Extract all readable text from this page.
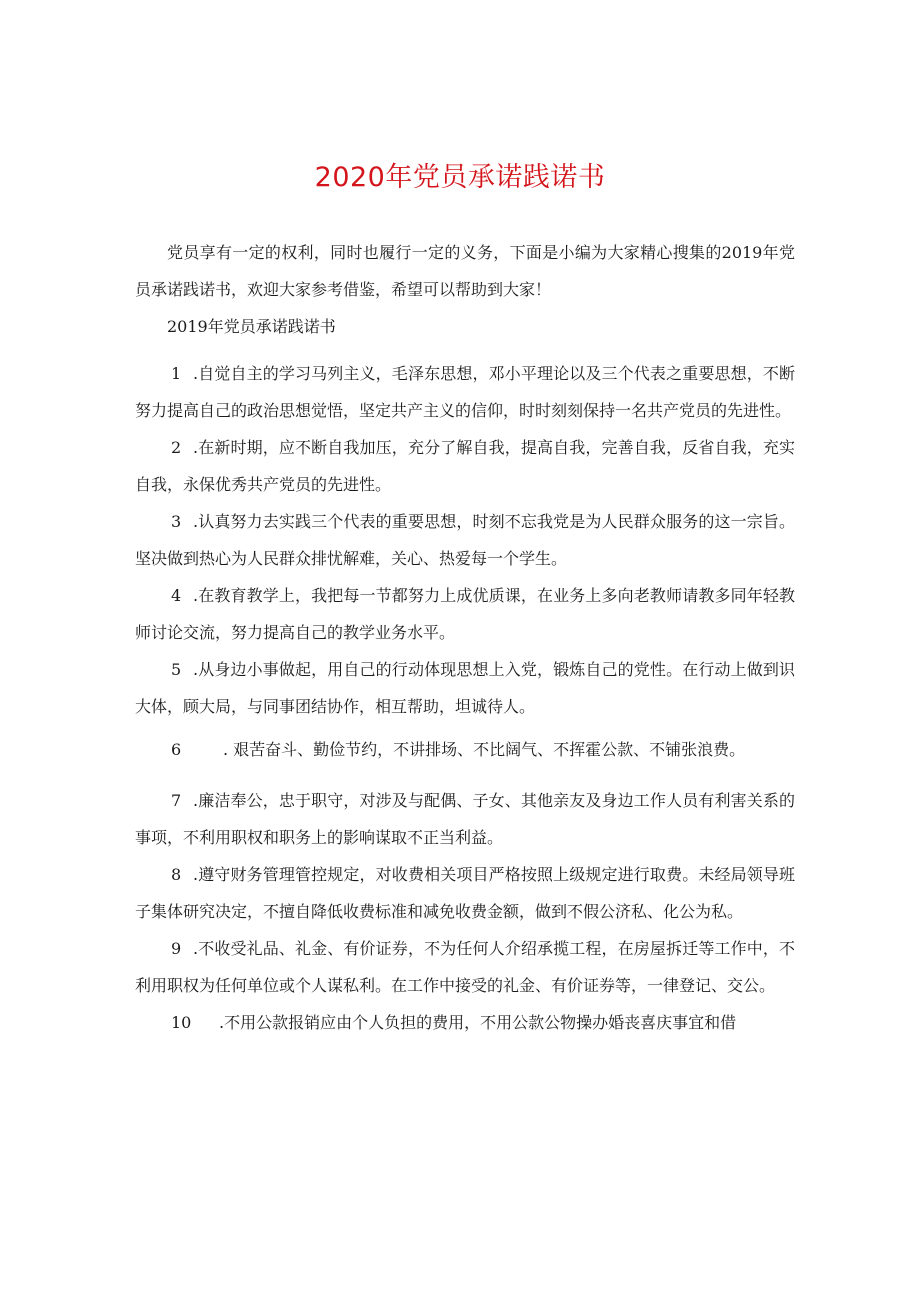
2020年党员承诺践诺书

党员享有一定的权利，同时也履行一定的义务，下面是小编为大家精心搜集的2019年党员承诺践诺书，欢迎大家参考借鉴，希望可以帮助到大家！

2019年党员承诺践诺书

1 .自觉自主的学习马列主义，毛泽东思想，邓小平理论以及三个代表之重要思想，不断努力提高自己的政治思想觉悟，坚定共产主义的信仰，时时刻刻保持一名共产党员的先进性。

2 .在新时期，应不断自我加压，充分了解自我，提高自我，完善自我，反省自我，充实自我，永保优秀共产党员的先进性。

3 .认真努力去实践三个代表的重要思想，时刻不忘我党是为人民群众服务的这一宗旨。坚决做到热心为人民群众排忧解难，关心、热爱每一个学生。

4 .在教育教学上，我把每一节都努力上成优质课，在业务上多向老教师请教多同年轻教师讨论交流，努力提高自己的教学业务水平。

5 .从身边小事做起，用自己的行动体现思想上入党，锻炼自己的党性。在行动上做到识大体，顾大局，与同事团结协作，相互帮助，坦诚待人。

6	. 艰苦奋斗、勤俭节约，不讲排场、不比阔气、不挥霍公款、不铺张浪费。

7 .廉洁奉公，忠于职守，对涉及与配偶、子女、其他亲友及身边工作人员有利害关系的事项，不利用职权和职务上的影响谋取不正当利益。

8 .遵守财务管理管控规定，对收费相关项目严格按照上级规定进行取费。未经局领导班子集体研究决定，不擅自降低收费标准和减免收费金额，做到不假公济私、化公为私。

9 .不收受礼品、礼金、有价证券，不为任何人介绍承揽工程，在房屋拆迁等工作中，不利用职权为任何单位或个人谋私利。在工作中接受的礼金、有价证券等，一律登记、交公。

10 .不用公款报销应由个人负担的费用，不用公款公物操办婚丧喜庆事宜和借
